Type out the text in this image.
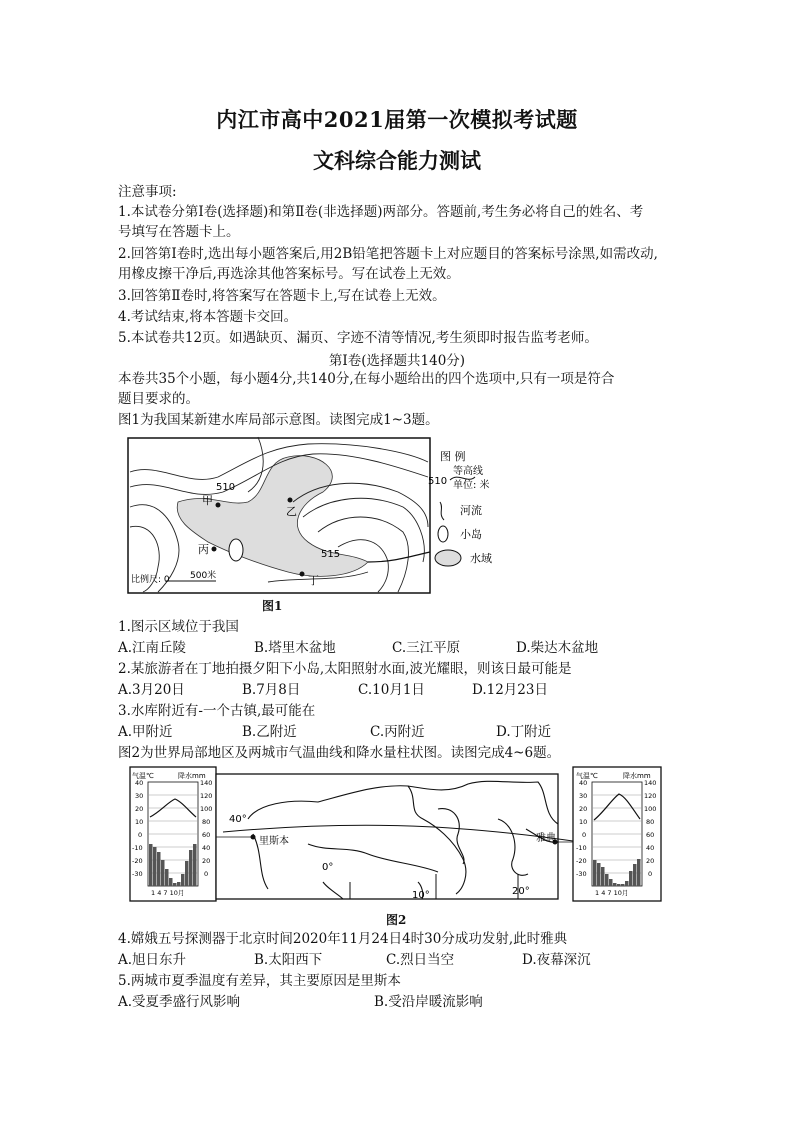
内江市高中2021届第一次模拟考试题
文科综合能力测试
注意事项:
1.本试卷分第Ⅰ卷(选择题)和第Ⅱ卷(非选择题)两部分。答题前,考生务必将自己的姓名、考
号填写在答题卡上。
2.回答第Ⅰ卷时,选出每小题答案后,用2B铅笔把答题卡上对应题目的答案标号涂黑,如需改动,
用橡皮擦干净后,再选涂其他答案标号。写在试卷上无效。
3.回答第Ⅱ卷时,将答案写在答题卡上,写在试卷上无效。
4.考试结束,将本答题卡交回。
5.本试卷共12页。如遇缺页、漏页、字迹不清等情况,考生须即时报告监考老师。
第Ⅰ卷(选择题共140分)
本卷共35个小题，每小题4分,共140分,在每小题给出的四个选项中,只有一项是符合
题目要求的。
图1为我国某新建水库局部示意图。读图完成1~3题。
510
515
甲
乙
丙
丁
比例尺: 0 500米
图 例
510
等高线
单位: 米
河流
小岛
水域
图1
1.图示区域位于我国
A.江南丘陵	B.塔里木盆地	C.三江平原	D.柴达木盆地
2.某旅游者在丁地拍摄夕阳下小岛,太阳照射水面,波光耀眼，则该日最可能是
A.3月20日	B.7月8日	C.10月1日	D.12月23日
3.水库附近有-一个古镇,最可能在
A.甲附近	B.乙附近	C.丙附近	D.丁附近
图2为世界局部地区及两城市气温曲线和降水量柱状图。读图完成4~6题。
气温℃	降水mm
40
30
20
10
0
-10
-20
-30
140
120
100
80
60
40
20
0
1 4 7 10月
40°
里斯本	雅典
0°
10°	20°
气温℃	降水mm
40
30
20
10
0
-10
-20
-30
140
120
100
80
60
40
20
0
1 4 7 10月
图2
4.嫦娥五号探测器于北京时间2020年11月24日4时30分成功发射,此时雅典
A.旭日东升	B.太阳西下	C.烈日当空	D.夜幕深沉
5.两城市夏季温度有差异，其主要原因是里斯本
A.受夏季盛行风影响	B.受沿岸暖流影响
